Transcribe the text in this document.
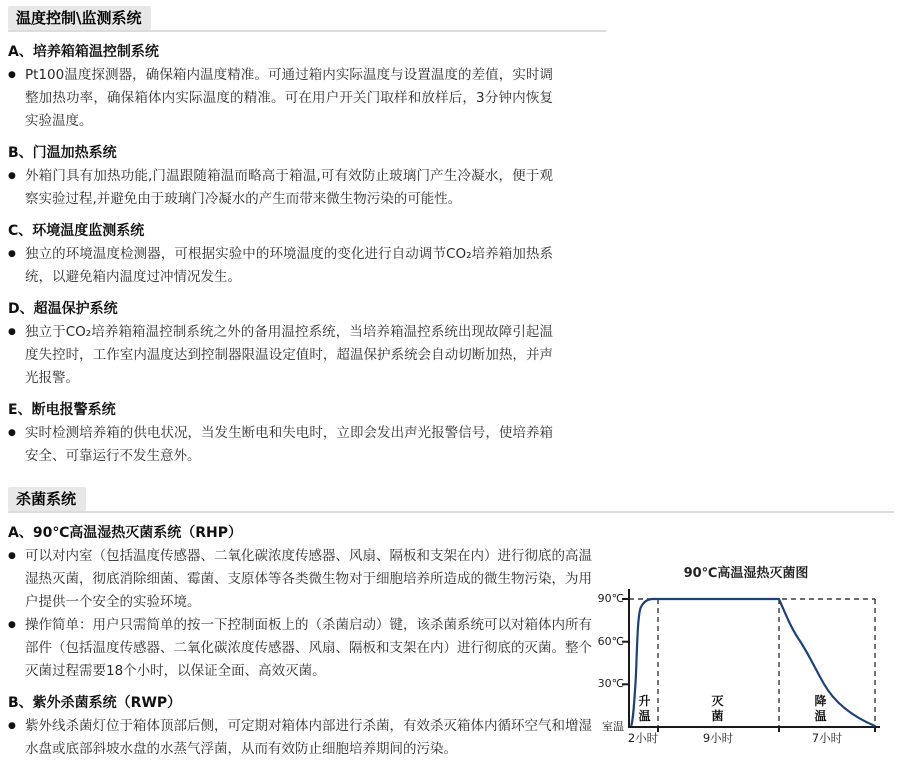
温度控制\监测系统
A、培养箱箱温控制系统
● Pt100温度探测器，确保箱内温度精准。可通过箱内实际温度与设置温度的差值，实时调整加热功率，确保箱体内实际温度的精准。可在用户开关门取样和放样后，3分钟内恢复实验温度。
B、门温加热系统
● 外箱门具有加热功能,门温跟随箱温而略高于箱温,可有效防止玻璃门产生冷凝水，便于观察实验过程,并避免由于玻璃门冷凝水的产生而带来微生物污染的可能性。
C、环境温度监测系统
● 独立的环境温度检测器，可根据实验中的环境温度的变化进行自动调节CO₂培养箱加热系统，以避免箱内温度过冲情况发生。
D、超温保护系统
● 独立于CO₂培养箱箱温控制系统之外的备用温控系统，当培养箱温控系统出现故障引起温度失控时，工作室内温度达到控制器限温设定值时，超温保护系统会自动切断加热，并声光报警。
E、断电报警系统
● 实时检测培养箱的供电状况，当发生断电和失电时，立即会发出声光报警信号，使培养箱安全、可靠运行不发生意外。
杀菌系统
A、90℃高温湿热灭菌系统（RHP）
● 可以对内室（包括温度传感器、二氧化碳浓度传感器、风扇、隔板和支架在内）进行彻底的高温湿热灭菌，彻底消除细菌、霉菌、支原体等各类微生物对于细胞培养所造成的微生物污染，为用户提供一个安全的实验环境。
● 操作简单：用户只需简单的按一下控制面板上的（杀菌启动）键，该杀菌系统可以对箱体内所有部件（包括温度传感器、二氧化碳浓度传感器、风扇、隔板和支架在内）进行彻底的灭菌。整个灭菌过程需要18个小时，以保证全面、高效灭菌。
B、紫外杀菌系统（RWP）
● 紫外线杀菌灯位于箱体顶部后侧，可定期对箱体内部进行杀菌，有效杀灭箱体内循环空气和增湿水盘或底部斜坡水盘的水蒸气浮菌，从而有效防止细胞培养期间的污染。
90℃高温湿热灭菌图
90℃
60℃
30℃
室温
2小时	9小时	7小时
升温
灭菌
降温
